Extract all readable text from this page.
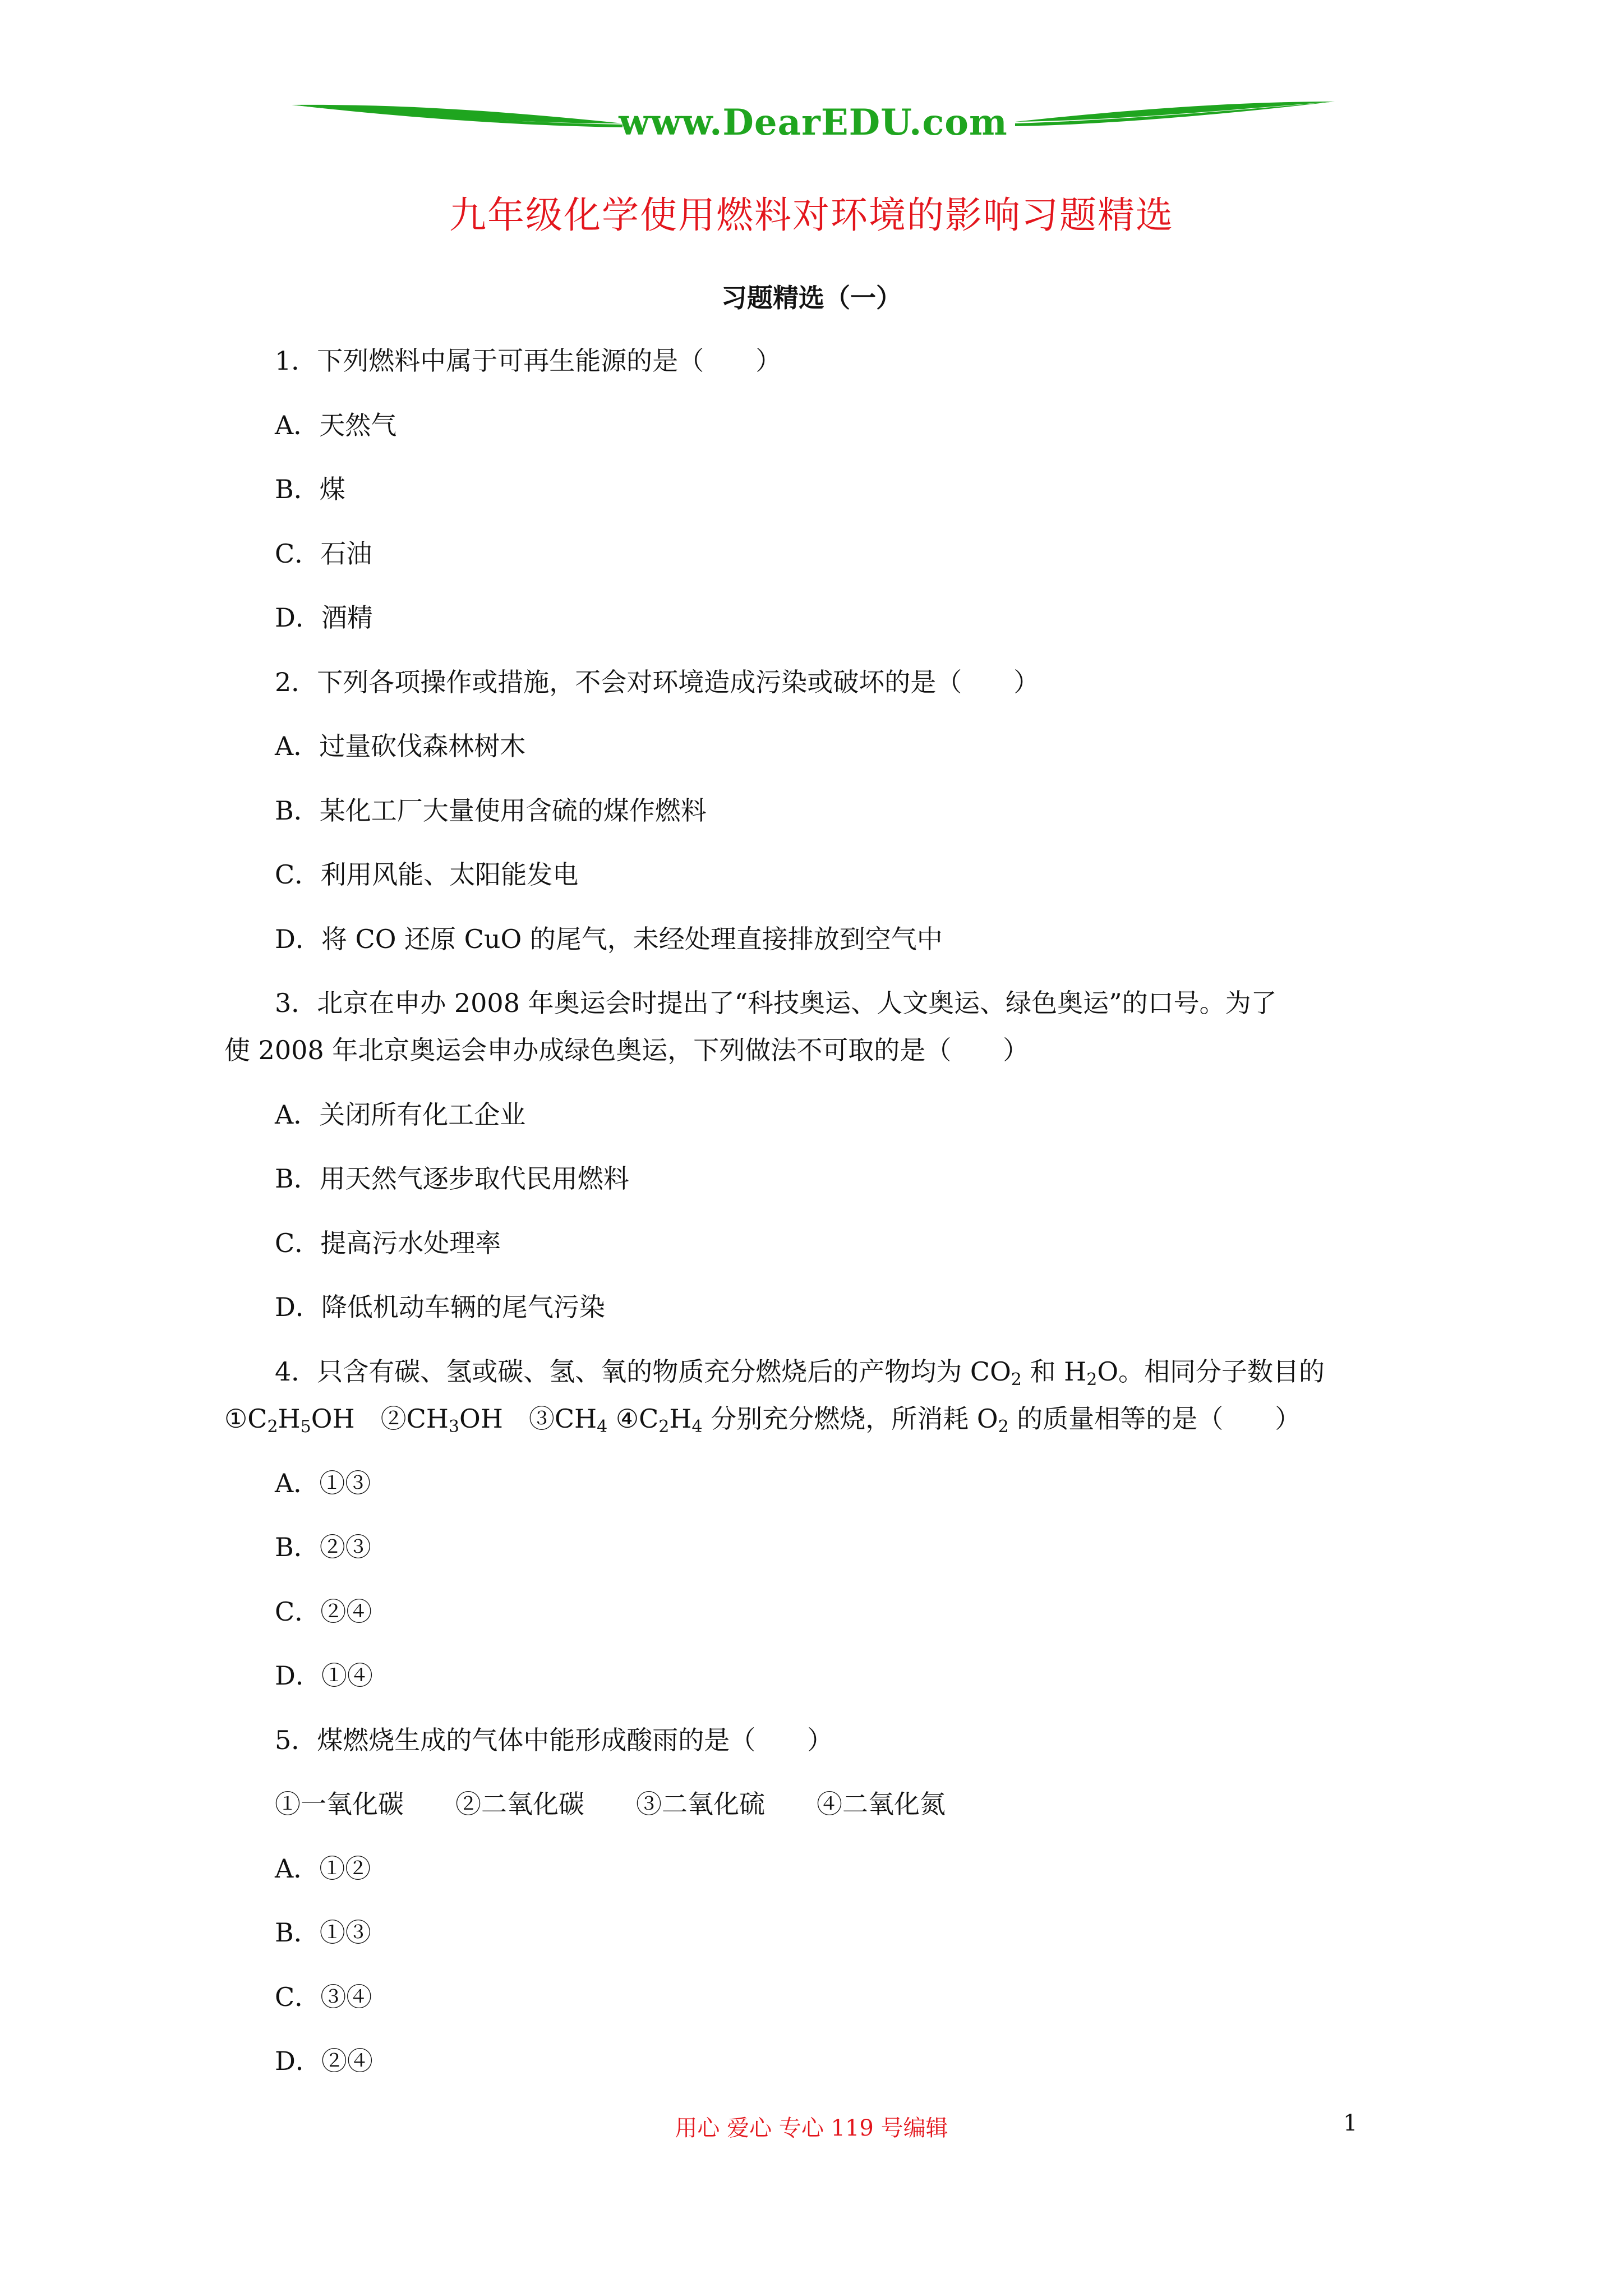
www.DearEDU.com
九年级化学使用燃料对环境的影响习题精选
习题精选（一）
1．下列燃料中属于可再生能源的是（　　）
A．天然气
B．煤
C．石油
D．酒精
2．下列各项操作或措施，不会对环境造成污染或破坏的是（　　）
A．过量砍伐森林树木
B．某化工厂大量使用含硫的煤作燃料
C．利用风能、太阳能发电
D．将 CO 还原 CuO 的尾气，未经处理直接排放到空气中
3．北京在申办 2008 年奥运会时提出了“科技奥运、人文奥运、绿色奥运”的口号。为了
使 2008 年北京奥运会申办成绿色奥运，下列做法不可取的是（　　）
A．关闭所有化工企业
B．用天然气逐步取代民用燃料
C．提高污水处理率
D．降低机动车辆的尾气污染
4．只含有碳、氢或碳、氢、氧的物质充分燃烧后的产物均为 $CO_2$ 和 $H_2O$。相同分子数目的
$①C_2H_5OH$　 $②CH_3OH$　 $③CH_4$ $④C_2H_4$ 分别充分燃烧，所消耗 $O_2$ 的质量相等的是（　　）
A．①③
B．②③
C．②④
D．①④
5．煤燃烧生成的气体中能形成酸雨的是（　　）
①一氧化碳　　②二氧化碳　　③二氧化硫　　④二氧化氮
A．①②
B．①③
C．③④
D．②④
用心 爱心 专心 119 号编辑	1
